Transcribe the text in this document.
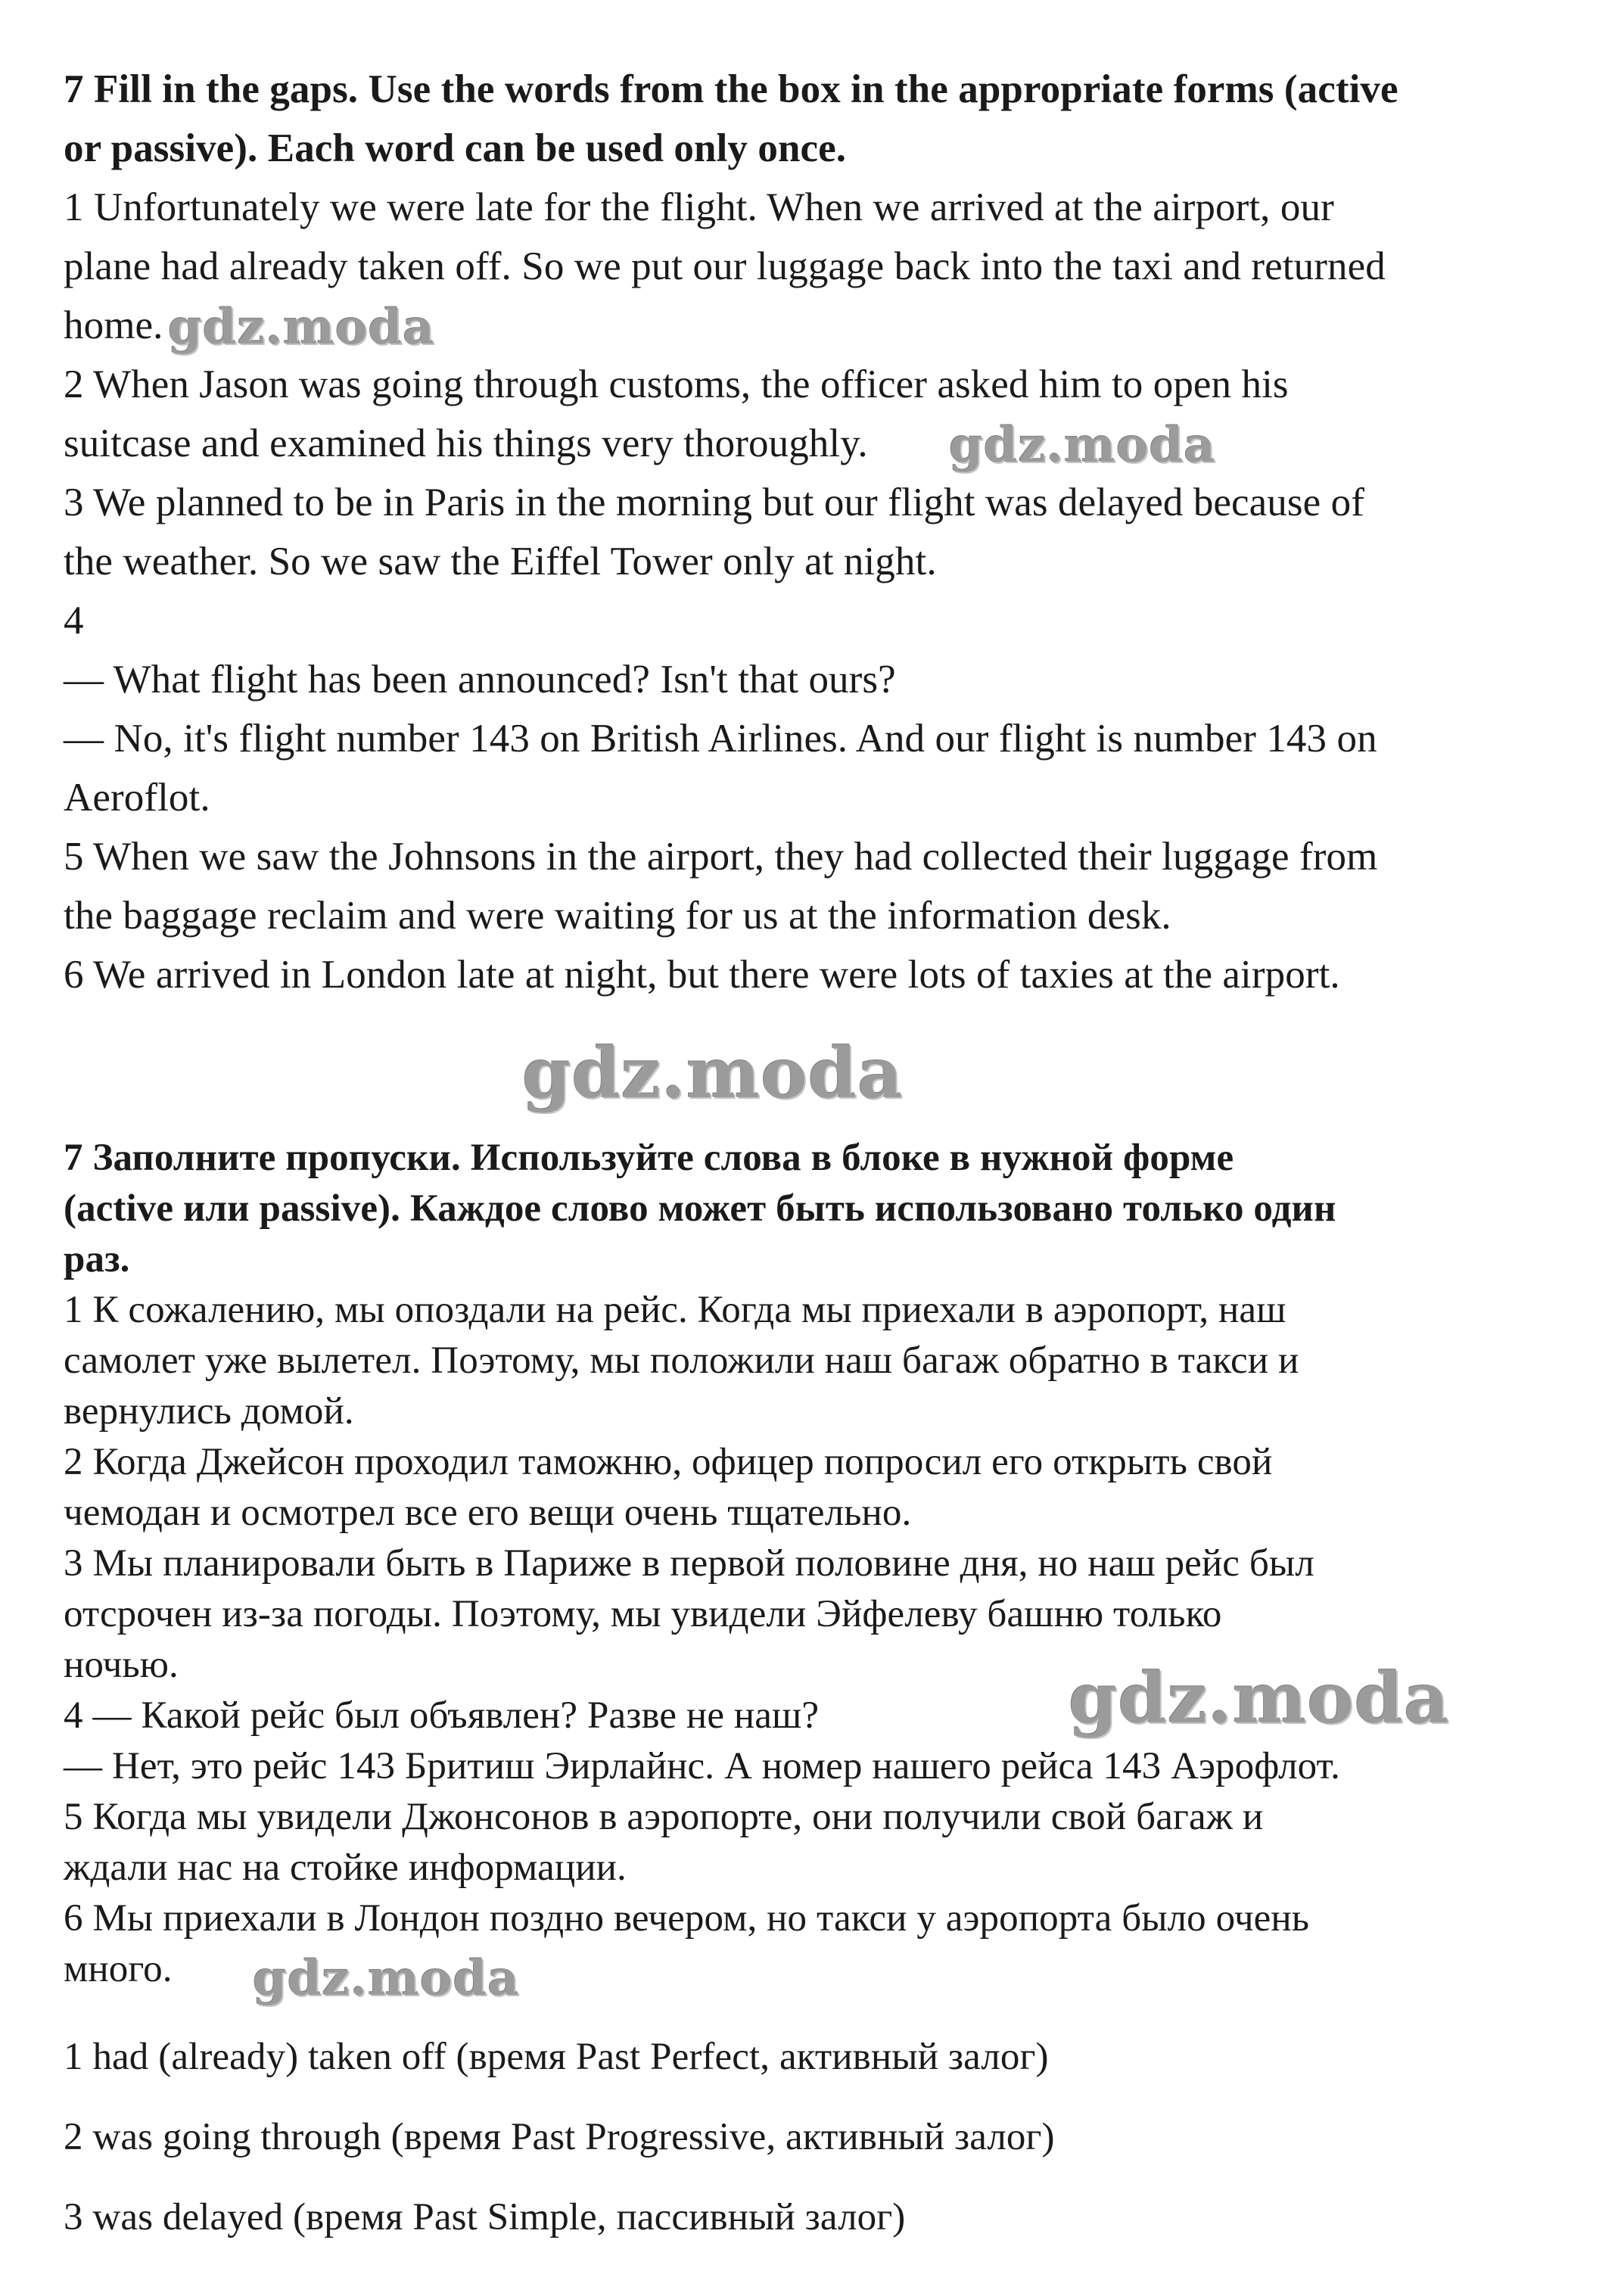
7 Fill in the gaps. Use the words from the box in the appropriate forms (active
or passive). Each word can be used only once.
1 Unfortunately we were late for the flight. When we arrived at the airport, our
plane had already taken off. So we put our luggage back into the taxi and returned
home.
2 When Jason was going through customs, the officer asked him to open his
suitcase and examined his things very thoroughly.
3 We planned to be in Paris in the morning but our flight was delayed because of
the weather. So we saw the Eiffel Tower only at night.
4
— What flight has been announced? Isn't that ours?
— No, it's flight number 143 on British Airlines. And our flight is number 143 on
Aeroflot.
5 When we saw the Johnsons in the airport, they had collected their luggage from
the baggage reclaim and were waiting for us at the information desk.
6 We arrived in London late at night, but there were lots of taxies at the airport.
7 Заполните пропуски. Используйте слова в блоке в нужной форме
(active или passive). Каждое слово может быть использовано только один
раз.
1 К сожалению, мы опоздали на рейс. Когда мы приехали в аэропорт, наш
самолет уже вылетел. Поэтому, мы положили наш багаж обратно в такси и
вернулись домой.
2 Когда Джейсон проходил таможню, офицер попросил его открыть свой
чемодан и осмотрел все его вещи очень тщательно.
3 Мы планировали быть в Париже в первой половине дня, но наш рейс был
отсрочен из-за погоды. Поэтому, мы увидели Эйфелеву башню только
ночью.
4 — Какой рейс был объявлен? Разве не наш?
— Нет, это рейс 143 Бритиш Эирлайнс. А номер нашего рейса 143 Аэрофлот.
5 Когда мы увидели Джонсонов в аэропорте, они получили свой багаж и
ждали нас на стойке информации.
6 Мы приехали в Лондон поздно вечером, но такси у аэропорта было очень
много.
1 had (already) taken off (время Past Perfect, активный залог)
2 was going through (время Past Progressive, активный залог)
3 was delayed (время Past Simple, пассивный залог)
gdz.moda
gdz.moda
gdz.moda
gdz.moda
gdz.moda
